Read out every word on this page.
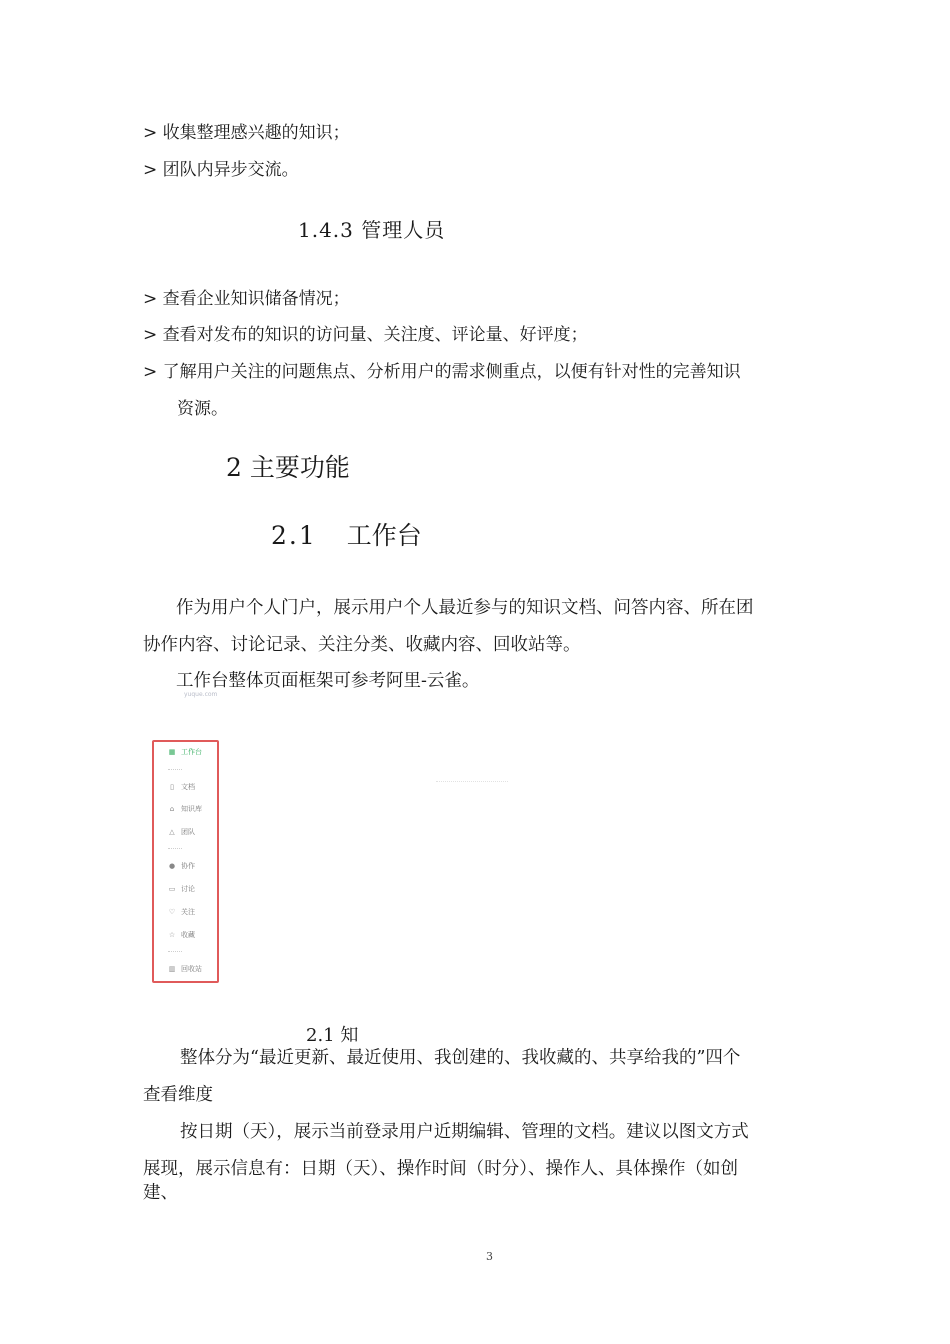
> 收集整理感兴趣的知识；
> 团队内异步交流。
1.4.3 管理人员
> 查看企业知识储备情况；
> 查看对发布的知识的访问量、关注度、评论量、好评度；
> 了解用户关注的问题焦点、分析用户的需求侧重点，以便有针对性的完善知识
资源。
2 主要功能
2.1 工作台
作为用户个人门户，展示用户个人最近参与的知识文档、问答内容、所在团
协作内容、讨论记录、关注分类、收藏内容、回收站等。
工作台整体页面框架可参考阿里-云雀。
yuque.com
▦ 工作台
▯ 文档
⌂ 知识库
△ 团队
● 协作
▭ 讨论
♡ 关注
☆ 收藏
▥ 回收站
2.1 知
整体分为“最近更新、最近使用、我创建的、我收藏的、共享给我的”四个
查看维度
按日期（天），展示当前登录用户近期编辑、管理的文档。建议以图文方式
展现，展示信息有：日期（天）、操作时间（时分）、操作人、具体操作（如创
建、
3
